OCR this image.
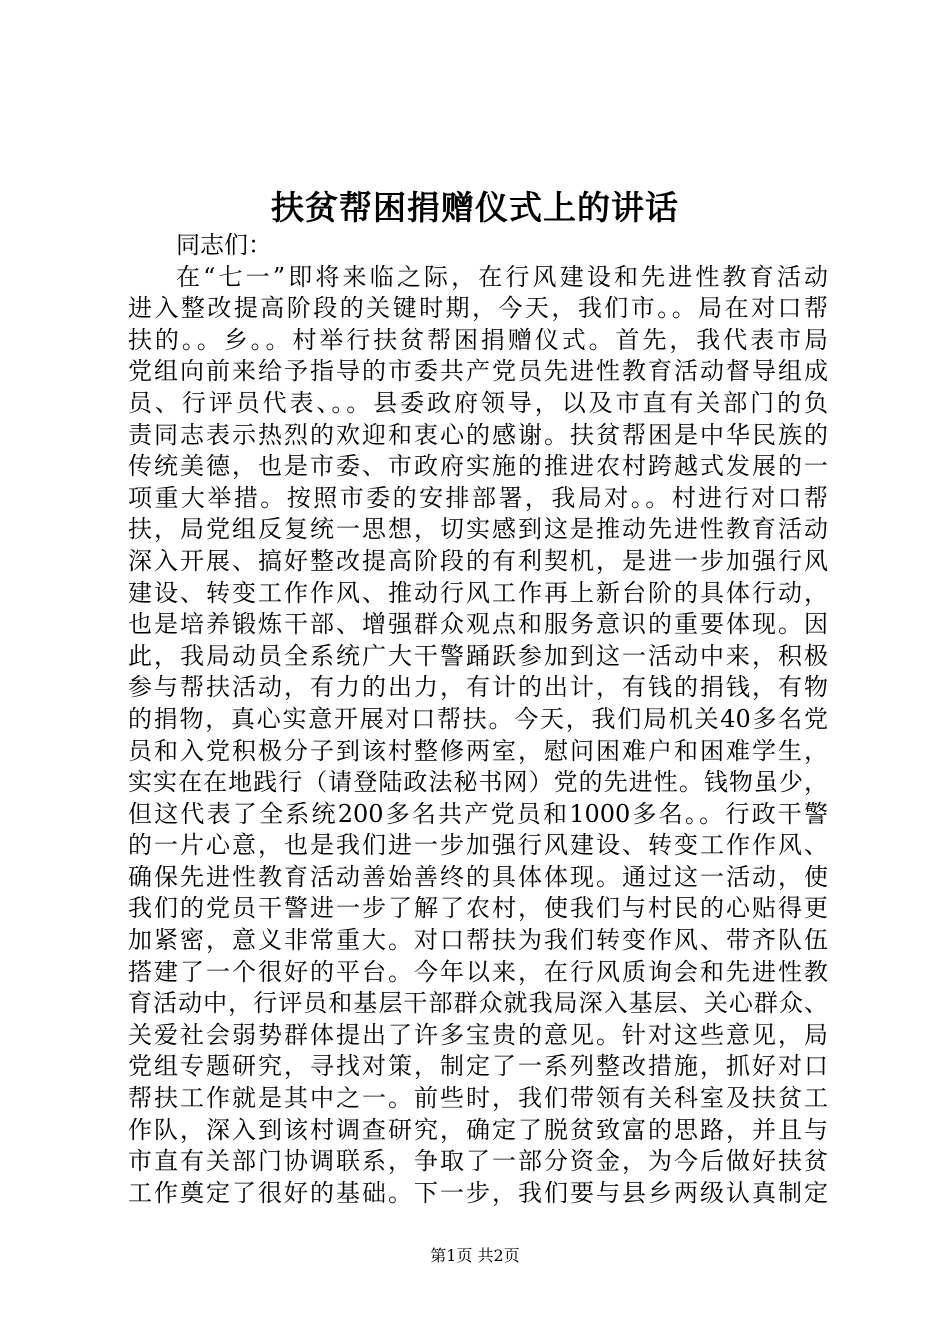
扶贫帮困捐赠仪式上的讲话
同志们：
在“七一”即将来临之际，在行风建设和先进性教育活动
进入整改提高阶段的关键时期，今天，我们市。。局在对口帮
扶的。。乡。。村举行扶贫帮困捐赠仪式。首先，我代表市局
党组向前来给予指导的市委共产党员先进性教育活动督导组成
员、行评员代表、。。县委政府领导，以及市直有关部门的负
责同志表示热烈的欢迎和衷心的感谢。扶贫帮困是中华民族的
传统美德，也是市委、市政府实施的推进农村跨越式发展的一
项重大举措。按照市委的安排部署，我局对。。村进行对口帮
扶，局党组反复统一思想，切实感到这是推动先进性教育活动
深入开展、搞好整改提高阶段的有利契机，是进一步加强行风
建设、转变工作作风、推动行风工作再上新台阶的具体行动，
也是培养锻炼干部、增强群众观点和服务意识的重要体现。因
此，我局动员全系统广大干警踊跃参加到这一活动中来，积极
参与帮扶活动，有力的出力，有计的出计，有钱的捐钱，有物
的捐物，真心实意开展对口帮扶。今天，我们局机关40多名党
员和入党积极分子到该村整修两室，慰问困难户和困难学生，
实实在在地践行（请登陆政法秘书网）党的先进性。钱物虽少，
但这代表了全系统200多名共产党员和1000多名。。行政干警
的一片心意，也是我们进一步加强行风建设、转变工作作风、
确保先进性教育活动善始善终的具体体现。通过这一活动，使
我们的党员干警进一步了解了农村，使我们与村民的心贴得更
加紧密，意义非常重大。对口帮扶为我们转变作风、带齐队伍
搭建了一个很好的平台。今年以来，在行风质询会和先进性教
育活动中，行评员和基层干部群众就我局深入基层、关心群众、
关爱社会弱势群体提出了许多宝贵的意见。针对这些意见，局
党组专题研究，寻找对策，制定了一系列整改措施，抓好对口
帮扶工作就是其中之一。前些时，我们带领有关科室及扶贫工
作队，深入到该村调查研究，确定了脱贫致富的思路，并且与
市直有关部门协调联系，争取了一部分资金，为今后做好扶贫
工作奠定了很好的基础。下一步，我们要与县乡两级认真制定
第1页 共2页
